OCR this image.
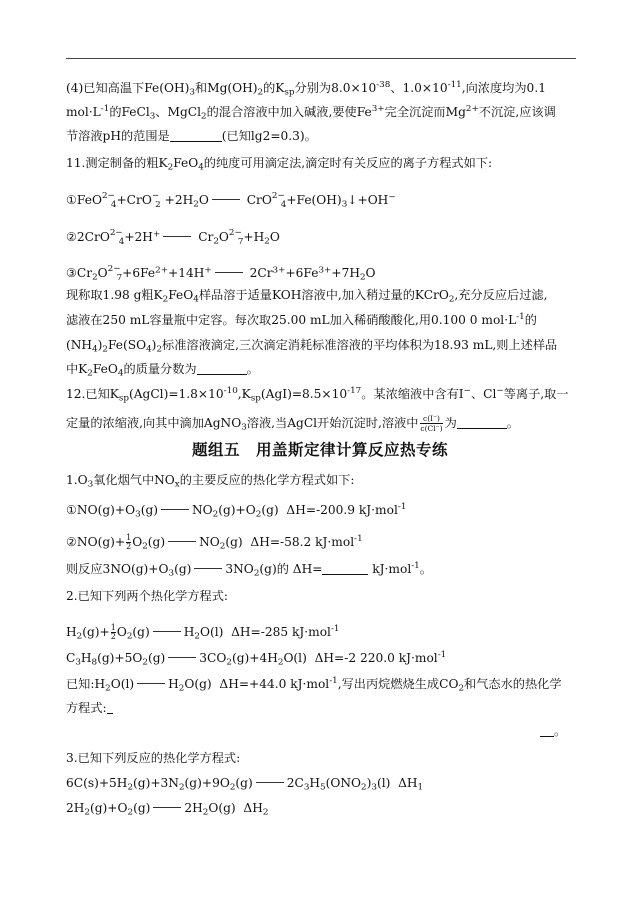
(4)已知高温下$Fe(OH)_3$和$Mg(OH)_2$的$K_{sp}$分别为$8.0\times 10^{-38}$、$1.0\times 10^{-11}$,向浓度均为0.1
$mol\cdot L^{-1}$的FeCl$_3$、MgCl$_2$的混合溶液中加入碱液,要使$Fe^{3+}$完全沉淀而$Mg^{2+}$不沉淀,应该调
节溶液pH的范围是	(已知lg2=0.3)。
11.测定制备的粗$K_2FeO_4$的纯度可用滴定法,滴定时有关反应的离子方程式如下:
①FeO$^{2-}_4$+CrO−$_2$ $+2H_2O$	$CrO^{2-}_4+Fe(OH)_3↓+OH^-$
②2CrO$^{2-}_4$+2H+	$Cr_2O^{2-}_7+H_2O$
$③Cr_2O^{2-}_7+6Fe^{2+}+14H^+$	$2Cr^{3+}+6Fe^{3+}+7H_2O$
现称取1.98 g粗$K_2FeO_4$样品溶于适量KOH溶液中,加入稍过量的KCrO$_2$,充分反应后过滤,
滤液在250 mL容量瓶中定容。每次取25.00 mL加入稀硝酸酸化,用0.100 0 $mol\cdot L^{-1}$的
$(NH_4)_2Fe(SO_4)_2$标准溶液滴定,三次滴定消耗标准溶液的平均体积为18.93 mL,则上述样品
中$K_2FeO_4$的质量分数为	。
12.已知$K_{sp}(AgCl)=1.8\times 10^{-10},K_{sp}(AgI)=8.5\times 10^{-17}$。某浓缩液中含有I−、Cl−等离子,取一
定量的浓缩液,向其中滴加AgNO$_3$溶液,当AgCl开始沉淀时,溶液中 $\frac{c(I^-)}{c(Cl^-)}$ 为	。
题组五　用盖斯定律计算反应热专练
$1.O_3$氧化烟气中$NO_x$的主要反应的热化学方程式如下:
$①NO(g)+O_3(g)$	$NO_2(g)+O_2(g)$ ΔH=-200.9 kJ·mol$^{-1}$
②NO(g)+ $\frac{1}{2}O_2(g)$	$NO_2(g)$ ΔH=-58.2 kJ·mol$^{-1}$
则反应$3NO(g)+O_3(g)$	$3NO_2(g)$的 ΔH=	kJ·mol$^{-1}$。
2.已知下列两个热化学方程式:
$H_2(g)+ \frac{1}{2}O_2(g)$	$H_2O(l)$ ΔH=-285 kJ·mol$^{-1}$
$C_3H_8(g)+5O_2(g)$	$3CO_2(g)+4H_2O(l)$ ΔH=-2 220.0 kJ·mol$^{-1}$
已知$:H_2O(l)$	$H_2O(g)$ ΔH=+44.0 kJ·mol$^{-1}$,写出丙烷燃烧生成$CO_2$和气态水的热化学
方程式:
。
3.已知下列反应的热化学方程式:
$6C(s)+5H_2(g)+3N_2(g)+9O_2(g)$	$2C_3H_5(ONO_2)_3(l)$ $\Delta H_1$
$2H_2(g)+O_2(g)$	$2H_2O(g)$ $\Delta H_2$
